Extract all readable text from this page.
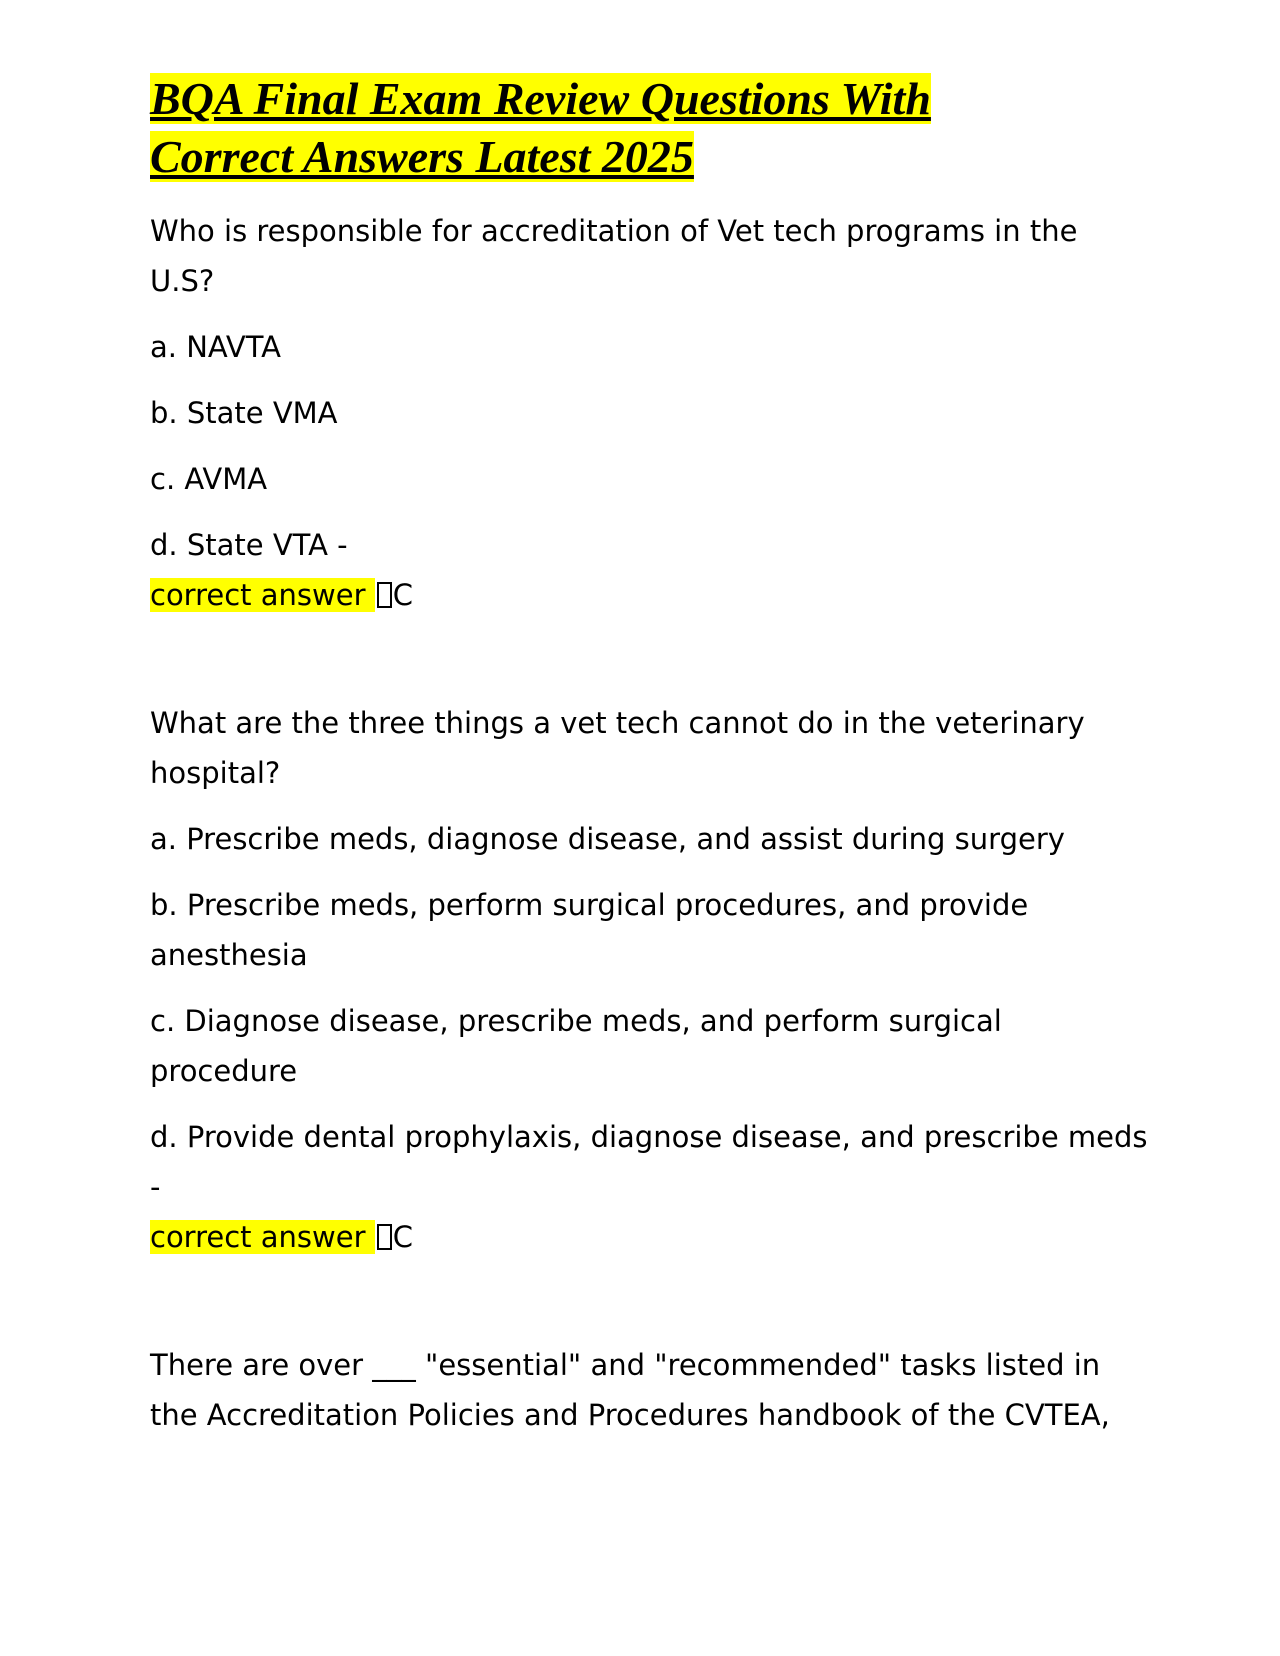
BQA Final Exam Review Questions With
Correct Answers Latest 2025

Who is responsible for accreditation of Vet tech programs in the U.S?

a. NAVTA

b. State VMA

c. AVMA

d. State VTA -

correct answer C

What are the three things a vet tech cannot do in the veterinary hospital?

a. Prescribe meds, diagnose disease, and assist during surgery

b. Prescribe meds, perform surgical procedures, and provide anesthesia

c. Diagnose disease, prescribe meds, and perform surgical procedure

d. Provide dental prophylaxis, diagnose disease, and prescribe meds -

correct answer C

There are over ___ "essential" and "recommended" tasks listed in the Accreditation Policies and Procedures handbook of the CVTEA,
